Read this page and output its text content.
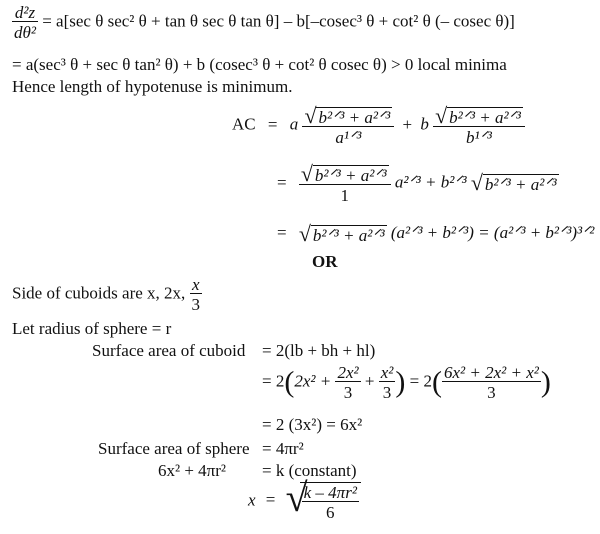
$\frac{\text{d²z}}{\text{dθ²}} = a[\sec$ θ sec² θ + tan θ sec θ tan θ] – b[–cosec³ θ + cot² θ (– cosec θ)]
= a(sec³ θ + sec θ tan² θ) + b (cosec³ θ + cot² θ cosec θ) > 0 local minima
Hence length of hypotenuse is minimum.
AC = a $\frac{\text{√ b²ᐟ³ + a²ᐟ³}}{\text{a¹ᐟ³}} + b \frac{\text{√ b²ᐟ³ + a²ᐟ³}}{\text{b¹ᐟ³}}$
= $\frac{\text{√ b²ᐟ³ + a²ᐟ³}}{1}$ a²ᐟ³ + b²ᐟ³ √ b²ᐟ³ + a²ᐟ³
= √ b²ᐟ³ + a²ᐟ³ (a²ᐟ³ + b²ᐟ³) = (a²ᐟ³ + b²ᐟ³)³ᐟ²
OR
Side of cuboids are x, 2x, $\frac{x}{3}$
Let radius of sphere = r
Surface area of cuboid = 2(lb + bh + hl)
= $2(2x^2 + \frac{\text{2x²}}{3} + \frac{\text{x²}}{3}$ ) = $2( \frac{\text{6x² + 2x² + x²}}{3}$ )
= 2 (3x²) = 6x²
Surface area of sphere = 4πr²
6x² + 4πr² = k (constant)
x = √
$\frac{\text{k – 4πr²}}{6}$
